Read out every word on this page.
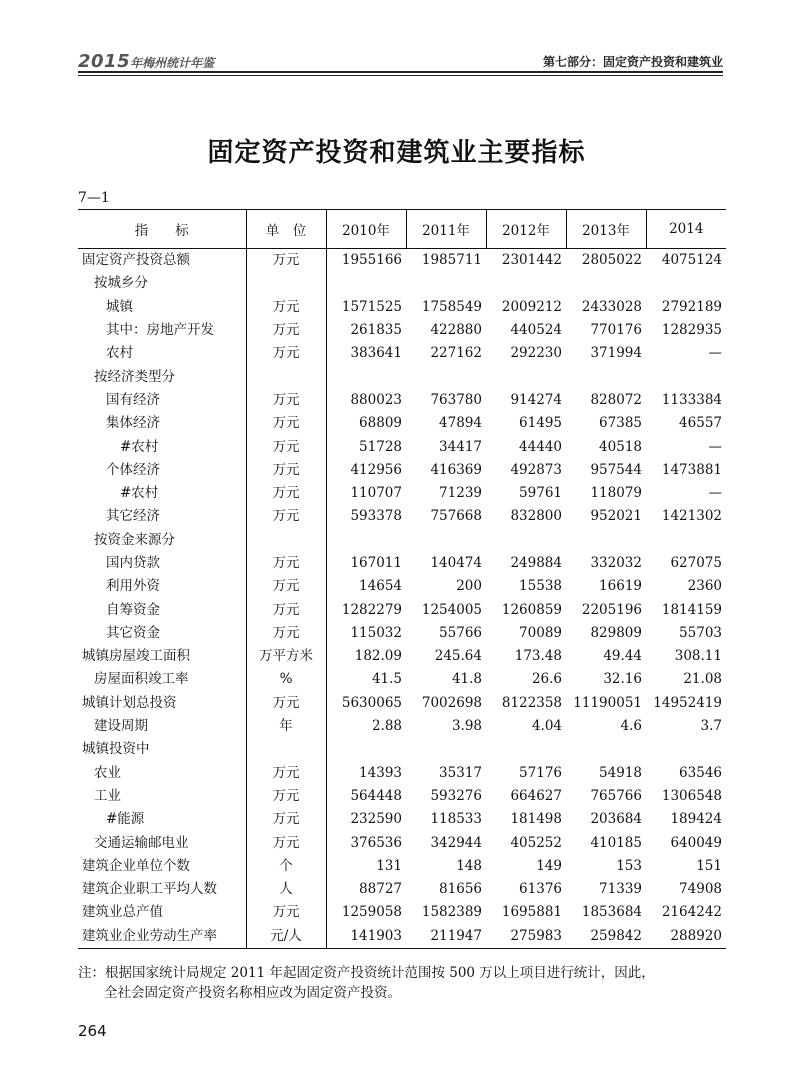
2015年梅州统计年鉴	第七部分：固定资产投资和建筑业
固定资产投资和建筑业主要指标
7—1
指　　标	单　位	2010年	2011年	2012年	2013年	2014
固定资产投资总额	万元	1955166	1985711	2301442	2805022	4075124
按城乡分						
城镇	万元	1571525	1758549	2009212	2433028	2792189
其中：房地产开发	万元	261835	422880	440524	770176	1282935
农村	万元	383641	227162	292230	371994	—
按经济类型分						
国有经济	万元	880023	763780	914274	828072	1133384
集体经济	万元	68809	47894	61495	67385	46557
#农村	万元	51728	34417	44440	40518	—
个体经济	万元	412956	416369	492873	957544	1473881
#农村	万元	110707	71239	59761	118079	—
其它经济	万元	593378	757668	832800	952021	1421302
按资金来源分						
国内贷款	万元	167011	140474	249884	332032	627075
利用外资	万元	14654	200	15538	16619	2360
自筹资金	万元	1282279	1254005	1260859	2205196	1814159
其它资金	万元	115032	55766	70089	829809	55703
城镇房屋竣工面积	万平方米	182.09	245.64	173.48	49.44	308.11
房屋面积竣工率	%	41.5	41.8	26.6	32.16	21.08
城镇计划总投资	万元	5630065	7002698	8122358	11190051	14952419
建设周期	年	2.88	3.98	4.04	4.6	3.7
城镇投资中						
农业	万元	14393	35317	57176	54918	63546
工业	万元	564448	593276	664627	765766	1306548
#能源	万元	232590	118533	181498	203684	189424
交通运输邮电业	万元	376536	342944	405252	410185	640049
建筑企业单位个数	个	131	148	149	153	151
建筑企业职工平均人数	人	88727	81656	61376	71339	74908
建筑业总产值	万元	1259058	1582389	1695881	1853684	2164242
建筑业企业劳动生产率	元/人	141903	211947	275983	259842	288920
注：根据国家统计局规定 2011 年起固定资产投资统计范围按 500 万以上项目进行统计，因此，
全社会固定资产投资名称相应改为固定资产投资。
264
